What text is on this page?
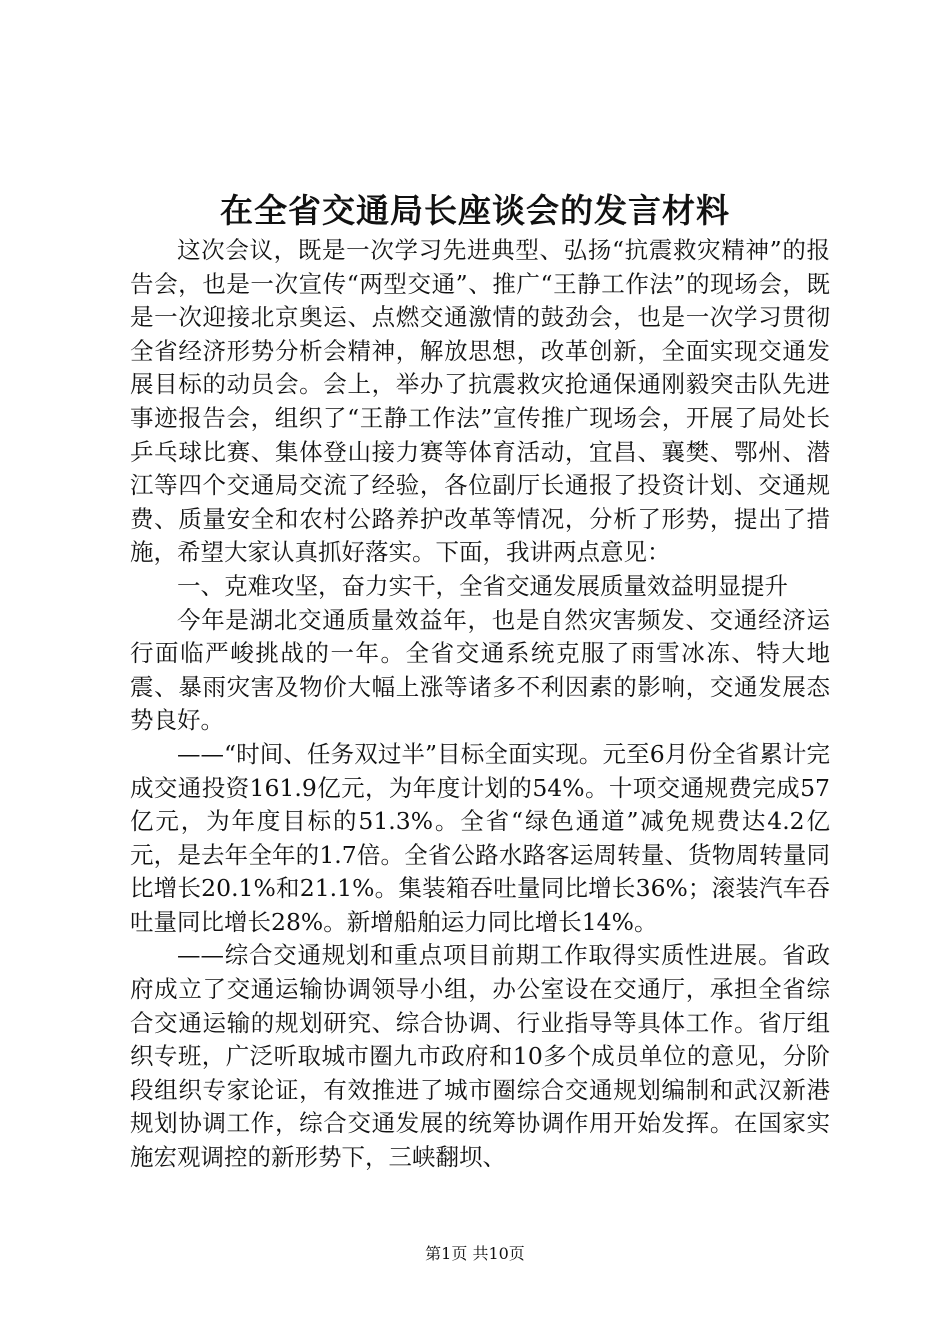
在全省交通局长座谈会的发言材料

这次会议，既是一次学习先进典型、弘扬“抗震救灾精神”的报告会，也是一次宣传“两型交通”、推广“王静工作法”的现场会，既是一次迎接北京奥运、点燃交通激情的鼓劲会，也是一次学习贯彻全省经济形势分析会精神，解放思想，改革创新，全面实现交通发展目标的动员会。会上，举办了抗震救灾抢通保通刚毅突击队先进事迹报告会，组织了“王静工作法”宣传推广现场会，开展了局处长乒乓球比赛、集体登山接力赛等体育活动，宜昌、襄樊、鄂州、潜江等四个交通局交流了经验，各位副厅长通报了投资计划、交通规费、质量安全和农村公路养护改革等情况，分析了形势，提出了措施，希望大家认真抓好落实。下面，我讲两点意见：

一、克难攻坚，奋力实干，全省交通发展质量效益明显提升

今年是湖北交通质量效益年，也是自然灾害频发、交通经济运行面临严峻挑战的一年。全省交通系统克服了雨雪冰冻、特大地震、暴雨灾害及物价大幅上涨等诸多不利因素的影响，交通发展态势良好。

——“时间、任务双过半”目标全面实现。元至6月份全省累计完成交通投资161.9亿元，为年度计划的54%。十项交通规费完成57亿元，为年度目标的51.3%。全省“绿色通道”减免规费达4.2亿元，是去年全年的1.7倍。全省公路水路客运周转量、货物周转量同比增长20.1%和21.1%。集装箱吞吐量同比增长36%；滚装汽车吞吐量同比增长28%。新增船舶运力同比增长14%。

——综合交通规划和重点项目前期工作取得实质性进展。省政府成立了交通运输协调领导小组，办公室设在交通厅，承担全省综合交通运输的规划研究、综合协调、行业指导等具体工作。省厅组织专班，广泛听取城市圈九市政府和10多个成员单位的意见，分阶段组织专家论证，有效推进了城市圈综合交通规划编制和武汉新港规划协调工作，综合交通发展的统筹协调作用开始发挥。在国家实施宏观调控的新形势下，三峡翻坝、

第1页 共10页
